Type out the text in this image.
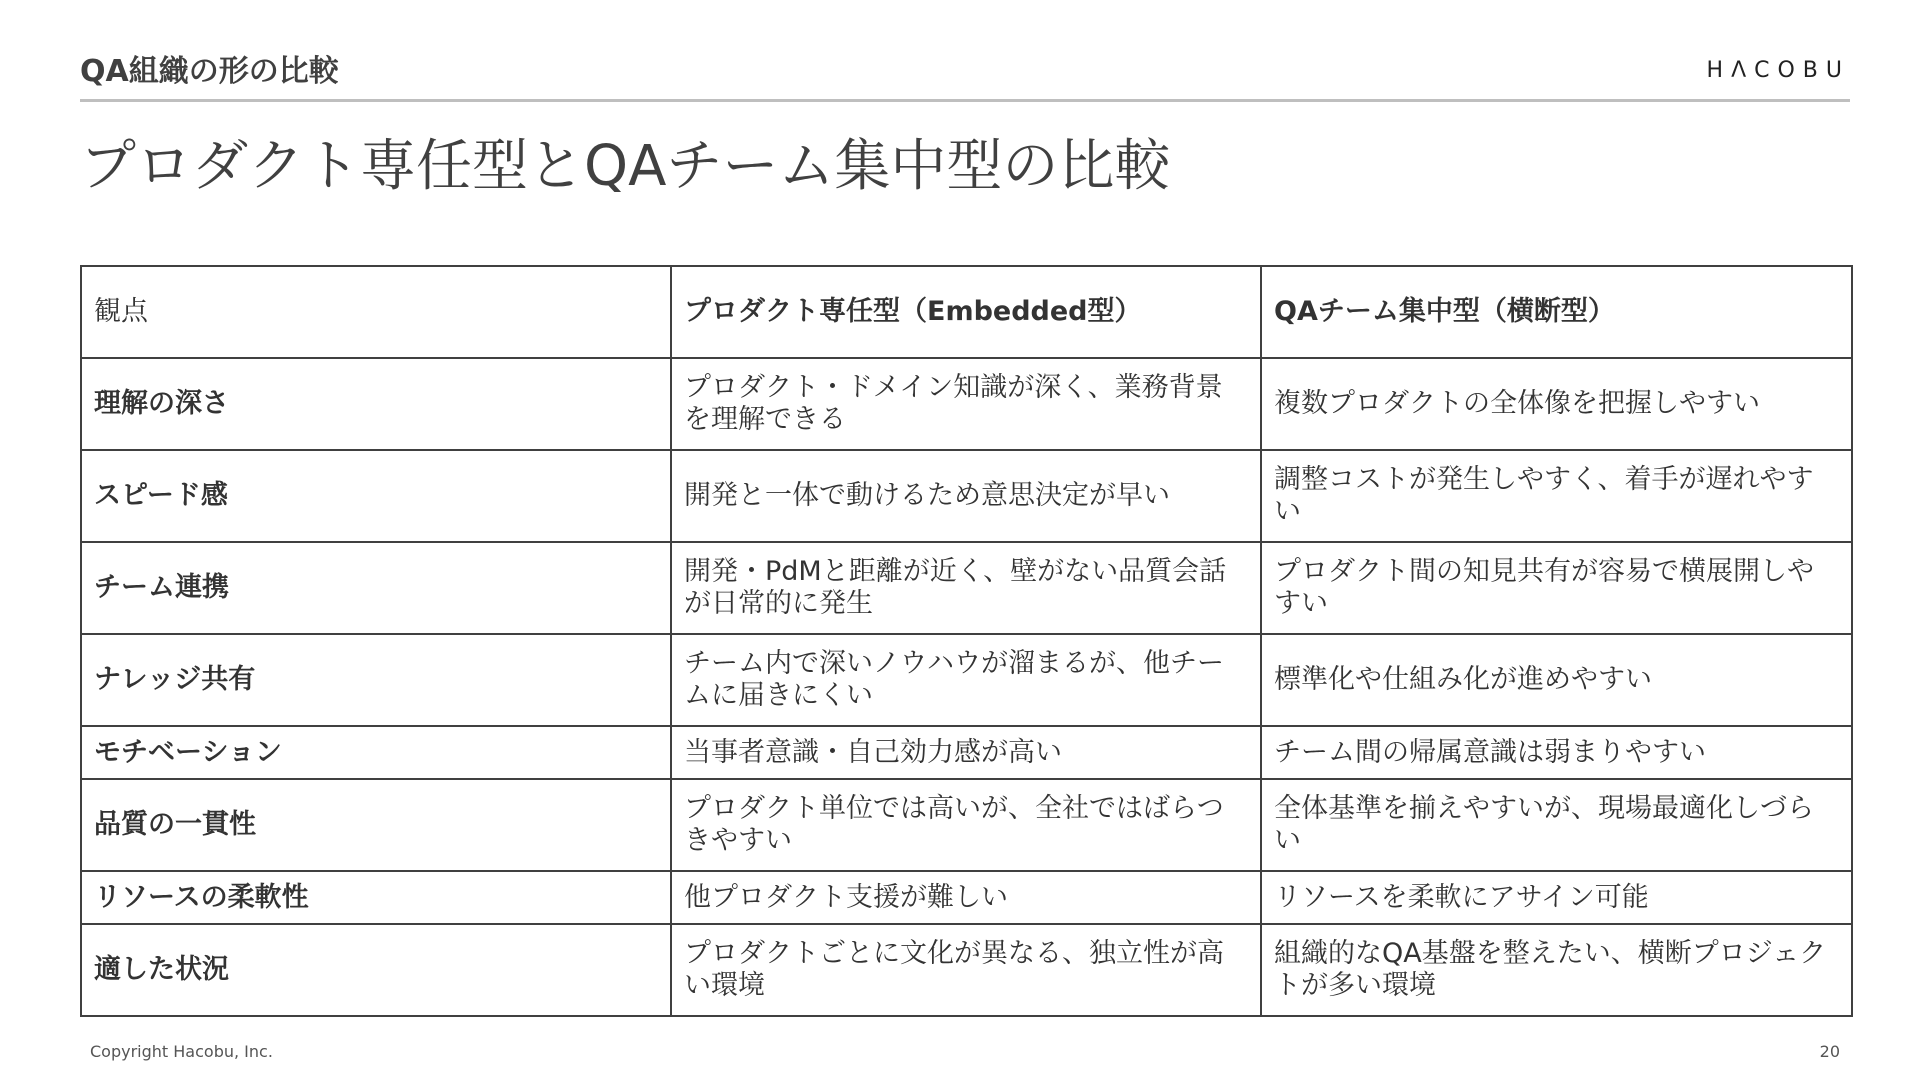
QA組織の形の比較	HΛCOBU
プロダクト専任型とQAチーム集中型の比較
観点	プロダクト専任型（Embedded型）	QAチーム集中型（横断型）
理解の深さ	プロダクト・ドメイン知識が深く、業務背景を理解できる	複数プロダクトの全体像を把握しやすい
スピード感	開発と一体で動けるため意思決定が早い	調整コストが発生しやすく、着手が遅れやすい
チーム連携	開発・PdMと距離が近く、壁がない品質会話が日常的に発生	プロダクト間の知見共有が容易で横展開しやすい
ナレッジ共有	チーム内で深いノウハウが溜まるが、他チームに届きにくい	標準化や仕組み化が進めやすい
モチベーション	当事者意識・自己効力感が高い	チーム間の帰属意識は弱まりやすい
品質の一貫性	プロダクト単位では高いが、全社ではばらつきやすい	全体基準を揃えやすいが、現場最適化しづらい
リソースの柔軟性	他プロダクト支援が難しい	リソースを柔軟にアサイン可能
適した状況	プロダクトごとに文化が異なる、独立性が高い環境	組織的なQA基盤を整えたい、横断プロジェクトが多い環境
Copyright Hacobu, Inc.	20
